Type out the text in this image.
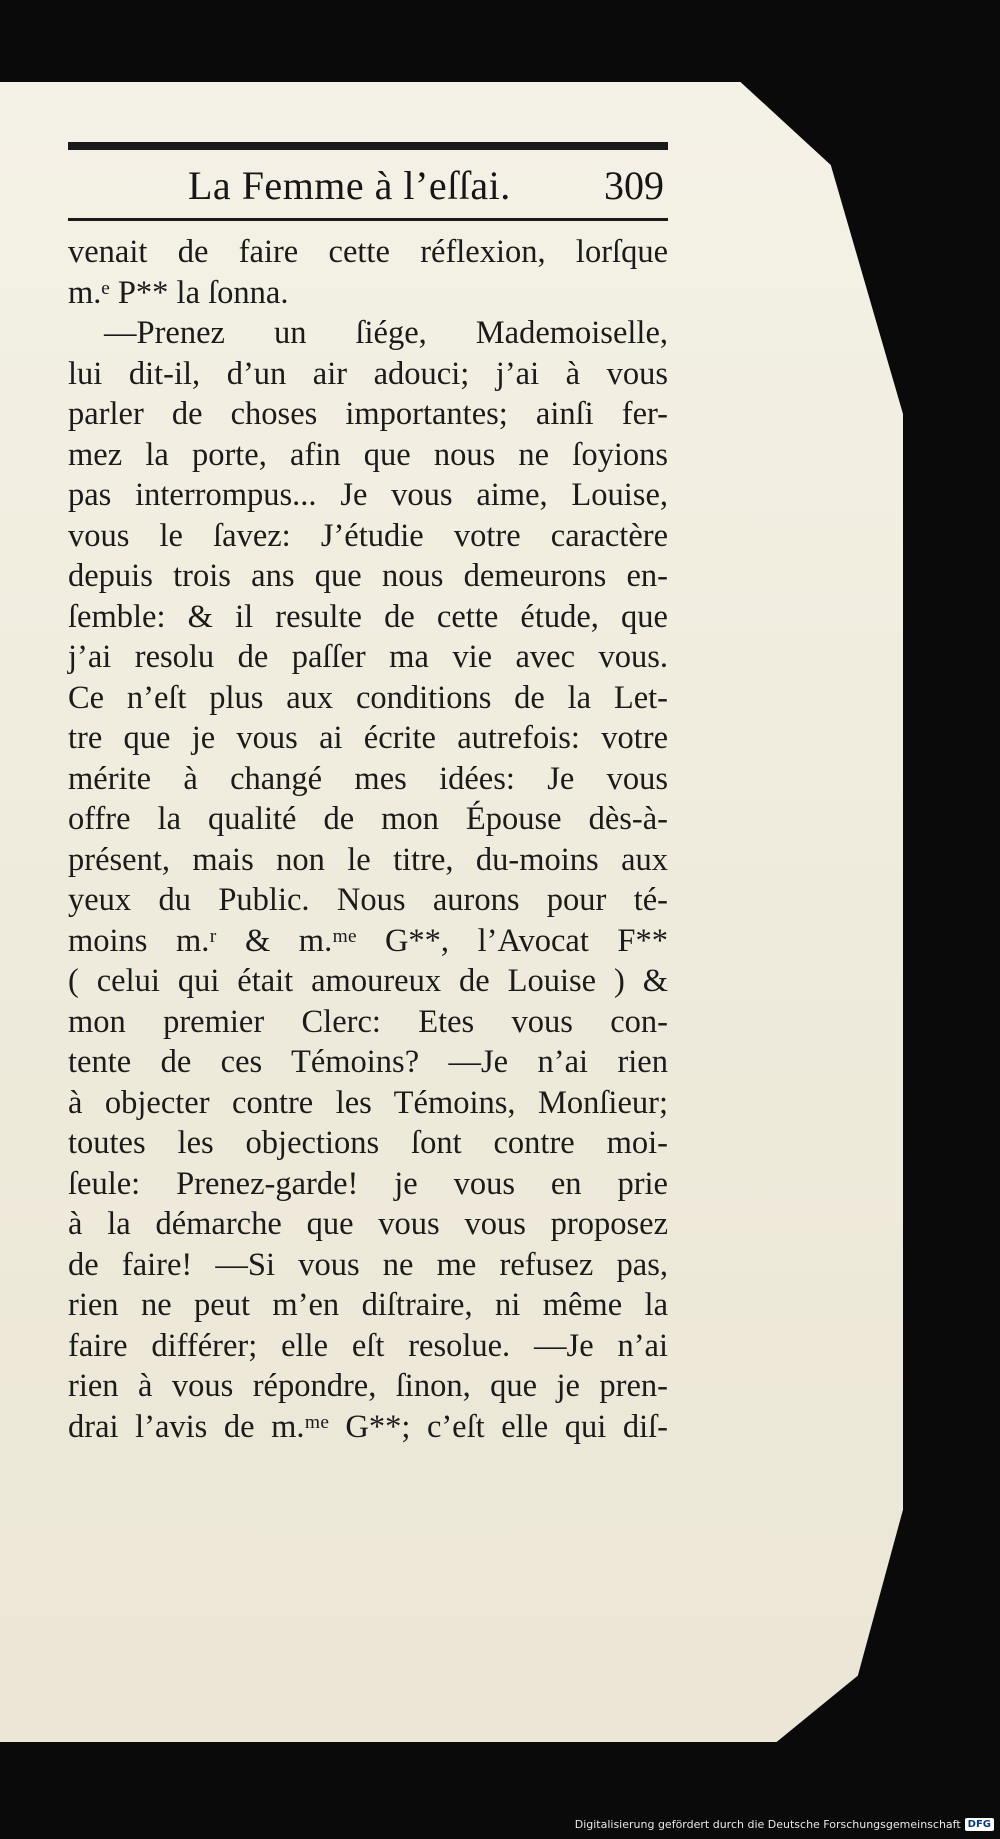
La Femme à l’eſſai. 309
venait de faire cette réflexion, lorſque
m.ᵉ P** la ſonna.
—Prenez un ſiége, Mademoiselle,
lui dit-il, d’un air adouci; j’ai à vous
parler de choses importantes; ainſi fer-
mez la porte, afin que nous ne ſoyions
pas interrompus... Je vous aime, Louise,
vous le ſavez: J’étudie votre caractère
depuis trois ans que nous demeurons en-
ſemble: & il resulte de cette étude, que
j’ai resolu de paſſer ma vie avec vous.
Ce n’eſt plus aux conditions de la Let-
tre que je vous ai écrite autrefois: votre
mérite à changé mes idées: Je vous
offre la qualité de mon Épouse dès-à-
présent, mais non le titre, du-moins aux
yeux du Public. Nous aurons pour té-
moins m.ʳ & m.ᵐᵉ G**, l’Avocat F**
( celui qui était amoureux de Louise ) &
mon premier Clerc: Etes vous con-
tente de ces Témoins? —Je n’ai rien
à objecter contre les Témoins, Monſieur;
toutes les objections ſont contre moi-
ſeule: Prenez-garde! je vous en prie
à la démarche que vous vous proposez
de faire! —Si vous ne me refusez pas,
rien ne peut m’en diſtraire, ni même la
faire différer; elle eſt resolue. —Je n’ai
rien à vous répondre, ſinon, que je pren-
drai l’avis de m.ᵐᵉ G**; c’eſt elle qui diſ-
Digitalisierung gefördert durch die Deutsche Forschungsgemeinschaft DFG
